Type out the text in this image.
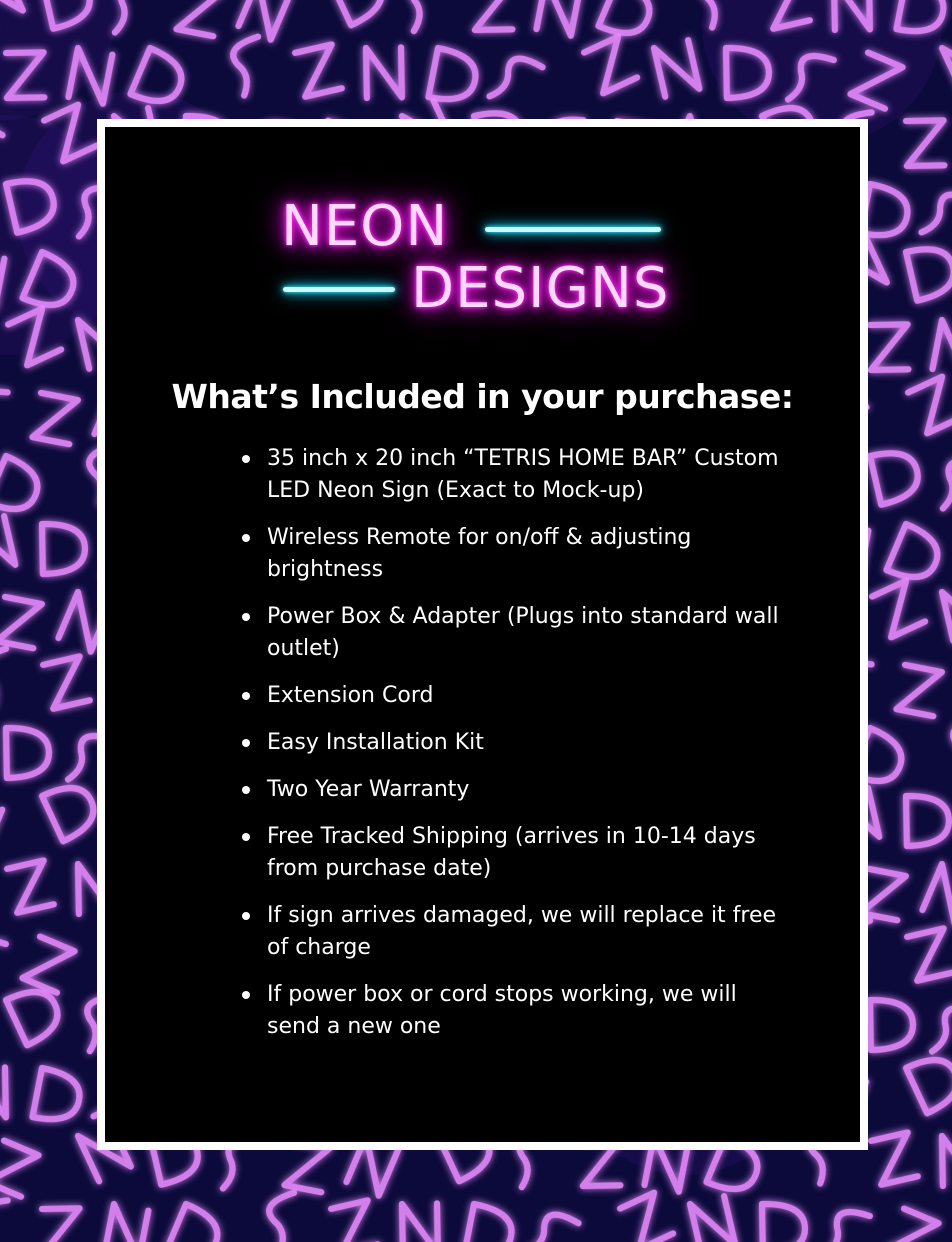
NEON
DESIGNS
What’s Included in your purchase:
35 inch x 20 inch “TETRIS HOME BAR” Custom LED Neon Sign (Exact to Mock-up)
Wireless Remote for on/off & adjusting brightness
Power Box & Adapter (Plugs into standard wall outlet)
Extension Cord
Easy Installation Kit
Two Year Warranty
Free Tracked Shipping (arrives in 10-14 days from purchase date)
If sign arrives damaged, we will replace it free of charge
If power box or cord stops working, we will send a new one
